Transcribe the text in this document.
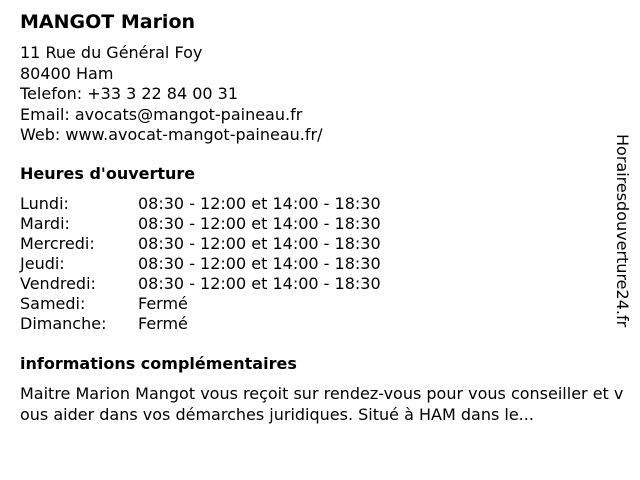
MANGOT Marion
11 Rue du Général Foy
80400 Ham
Telefon: +33 3 22 84 00 31
Email: avocats@mangot-paineau.fr
Web: www.avocat-mangot-paineau.fr/
Heures d'ouverture
Lundi:	08:30 - 12:00 et 14:00 - 18:30
Mardi:	08:30 - 12:00 et 14:00 - 18:30
Mercredi:	08:30 - 12:00 et 14:00 - 18:30
Jeudi:	08:30 - 12:00 et 14:00 - 18:30
Vendredi:	08:30 - 12:00 et 14:00 - 18:30
Samedi:	Fermé
Dimanche:	Fermé
informations complémentaires
Maitre Marion Mangot vous reçoit sur rendez-vous pour vous conseiller et vous aider dans vos démarches juridiques. Situé à HAM dans le...
Horairesdouverture24.fr
